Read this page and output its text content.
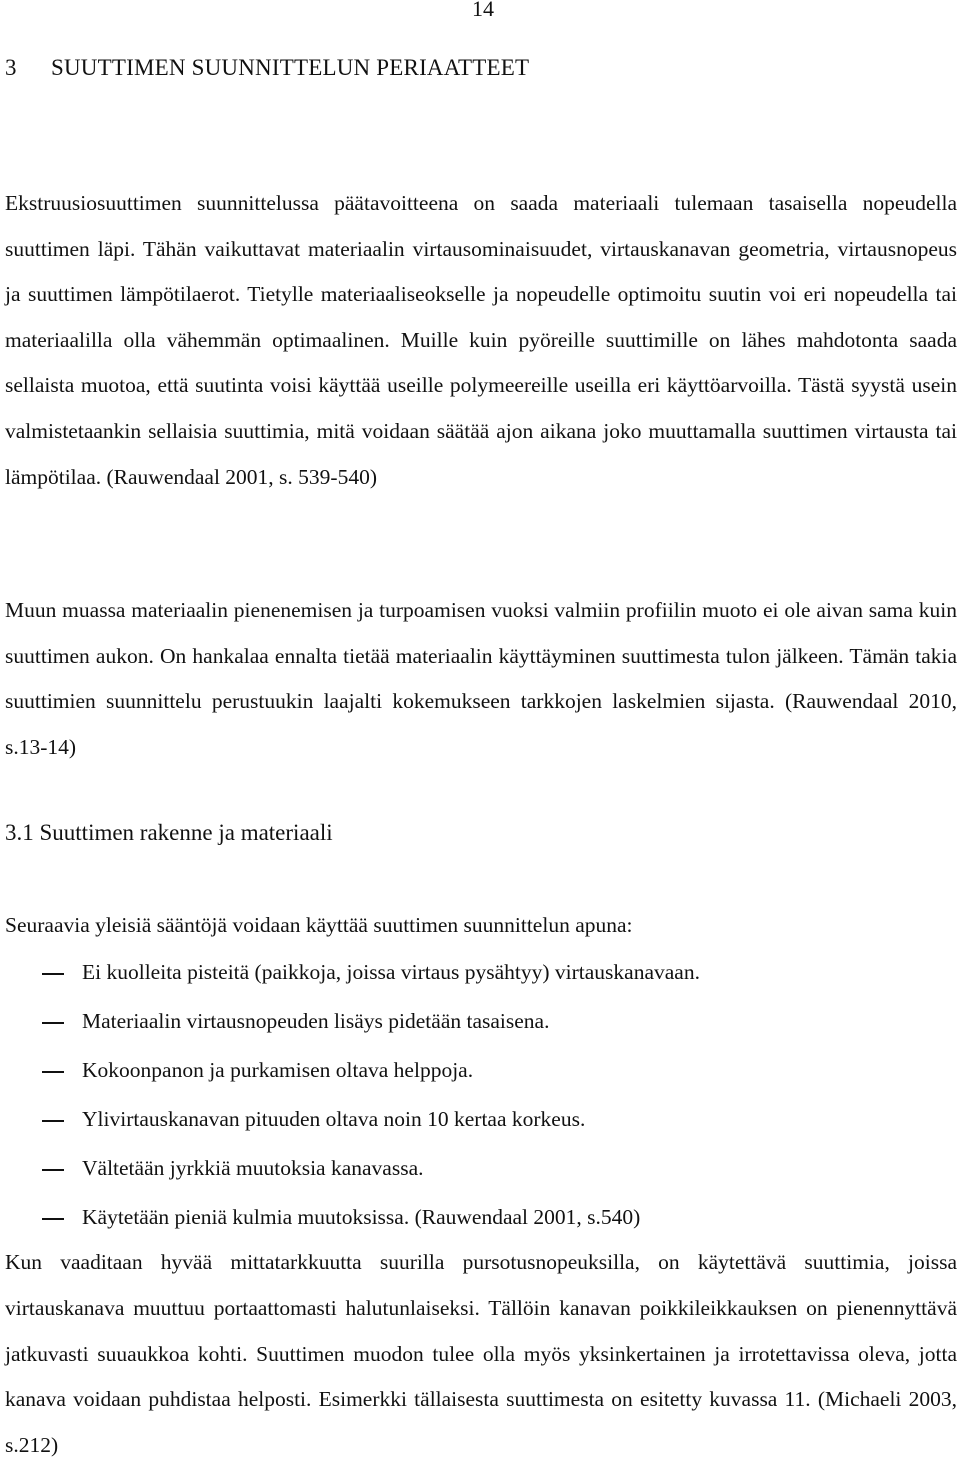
14
3 SUUTTIMEN SUUNNITTELUN PERIAATTEET

Ekstruusiosuuttimen suunnittelussa päätavoitteena on saada materiaali tulemaan tasaisella nopeudella suuttimen läpi. Tähän vaikuttavat materiaalin virtausominaisuudet, virtauskanavan geometria, virtausnopeus ja suuttimen lämpötilaerot. Tietylle materiaaliseokselle ja nopeudelle optimoitu suutin voi eri nopeudella tai materiaalilla olla vähemmän optimaalinen. Muille kuin pyöreille suuttimille on lähes mahdotonta saada sellaista muotoa, että suutinta voisi käyttää useille polymeereille useilla eri käyttöarvoilla. Tästä syystä usein valmistetaankin sellaisia suuttimia, mitä voidaan säätää ajon aikana joko muuttamalla suuttimen virtausta tai lämpötilaa. (Rauwendaal 2001, s. 539-540)

Muun muassa materiaalin pienenemisen ja turpoamisen vuoksi valmiin profiilin muoto ei ole aivan sama kuin suuttimen aukon. On hankalaa ennalta tietää materiaalin käyttäyminen suuttimesta tulon jälkeen. Tämän takia suuttimien suunnittelu perustuukin laajalti kokemukseen tarkkojen laskelmien sijasta. (Rauwendaal 2010, s.13-14)

3.1 Suuttimen rakenne ja materiaali

Seuraavia yleisiä sääntöjä voidaan käyttää suuttimen suunnittelun apuna:

Ei kuolleita pisteitä (paikkoja, joissa virtaus pysähtyy) virtauskanavaan.
Materiaalin virtausnopeuden lisäys pidetään tasaisena.
Kokoonpanon ja purkamisen oltava helppoja.
Ylivirtauskanavan pituuden oltava noin 10 kertaa korkeus.
Vältetään jyrkkiä muutoksia kanavassa.
Käytetään pieniä kulmia muutoksissa. (Rauwendaal 2001, s.540)

Kun vaaditaan hyvää mittatarkkuutta suurilla pursotusnopeuksilla, on käytettävä suuttimia, joissa virtauskanava muuttuu portaattomasti halutunlaiseksi. Tällöin kanavan poikkileikkauksen on pienennyttävä jatkuvasti suuaukkoa kohti. Suuttimen muodon tulee olla myös yksinkertainen ja irrotettavissa oleva, jotta kanava voidaan puhdistaa helposti. Esimerkki tällaisesta suuttimesta on esitetty kuvassa 11. (Michaeli 2003, s.212)
